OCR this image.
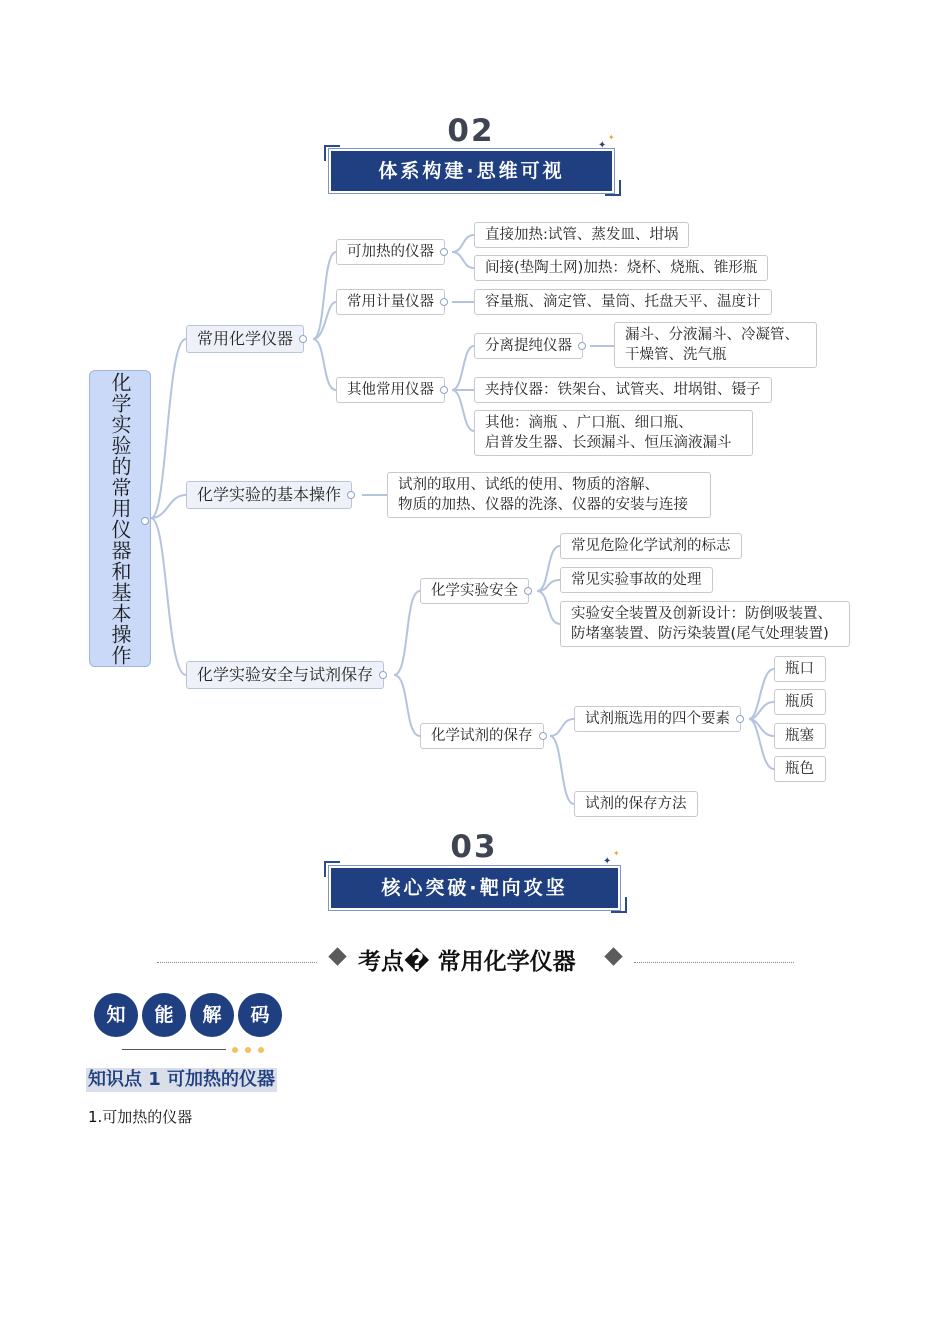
02
体系构建·思维可视
✦
✦
化学实验的常用仪器和基本操作
常用化学仪器
化学实验的基本操作
化学实验安全与试剂保存
可加热的仪器
直接加热:试管、蒸发皿、坩埚
间接(垫陶土网)加热：烧杯、烧瓶、锥形瓶
常用计量仪器	容量瓶、滴定管、量筒、托盘天平、温度计
其他常用仪器
分离提纯仪器
漏斗、分液漏斗、冷凝管、
干燥管、洗气瓶
夹持仪器：铁架台、试管夹、坩埚钳、镊子
其他：滴瓶 、广口瓶、细口瓶、
启普发生器、长颈漏斗、恒压滴液漏斗
试剂的取用、试纸的使用、物质的溶解、
物质的加热、仪器的洗涤、仪器的安装与连接
化学实验安全
常见危险化学试剂的标志
常见实验事故的处理
实验安全装置及创新设计：防倒吸装置、
防堵塞装置、防污染装置(尾气处理装置)
化学试剂的保存
试剂瓶选用的四个要素
瓶口
瓶质
瓶塞
瓶色
试剂的保存方法
03
核心突破·靶向攻坚
✦
✦
考点� 常用化学仪器
知	能	解	码
知识点 1 可加热的仪器
1.可加热的仪器
